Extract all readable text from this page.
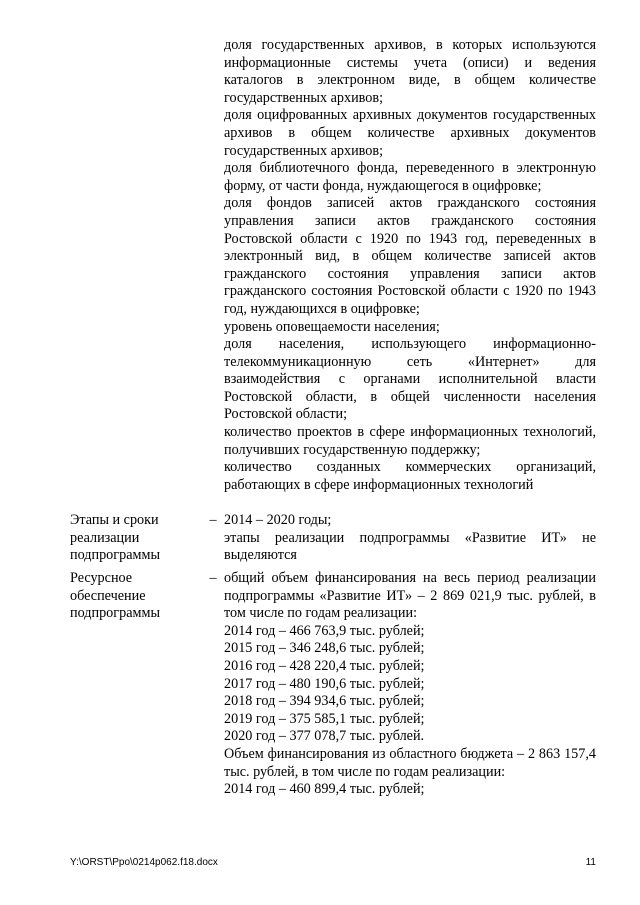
доля государственных архивов, в которых используются информационные системы учета (описи) и ведения каталогов в электронном виде, в общем количестве государственных архивов;

доля оцифрованных архивных документов государственных архивов в общем количестве архивных документов государственных архивов;

доля библиотечного фонда, переведенного в электронную форму, от части фонда, нуждающегося в оцифровке;

доля фондов записей актов гражданского состояния управления записи актов гражданского состояния Ростовской области с 1920 по 1943 год, переведенных в электронный вид, в общем количестве записей актов гражданского состояния управления записи актов гражданского состояния Ростовской области с 1920 по 1943 год, нуждающихся в оцифровке;

уровень оповещаемости населения;

доля населения, использующего информационно-телекоммуникационную сеть «Интернет» для взаимодействия с органами исполнительной власти Ростовской области, в общей численности населения Ростовской области;

количество проектов в сфере информационных технологий, получивших государственную поддержку;

количество созданных коммерческих организаций, работающих в сфере информационных технологий

Этапы и сроки реализации подпрограммы
– 2014 – 2020 годы;

этапы реализации подпрограммы «Развитие ИТ» не выделяются

Ресурсное обеспечение подпрограммы
– общий объем финансирования на весь период реализации подпрограммы «Развитие ИТ» – 2 869 021,9 тыс. рублей, в том числе по годам реализации:

2014 год – 466 763,9 тыс. рублей;

2015 год – 346 248,6 тыс. рублей;

2016 год – 428 220,4 тыс. рублей;

2017 год – 480 190,6 тыс. рублей;

2018 год – 394 934,6 тыс. рублей;

2019 год – 375 585,1 тыс. рублей;

2020 год – 377 078,7 тыс. рублей.

Объем финансирования из областного бюджета – 2 863 157,4 тыс. рублей, в том числе по годам реализации:

2014 год – 460 899,4 тыс. рублей;

Y:\ORST\Ppo\0214p062.f18.docx	11
